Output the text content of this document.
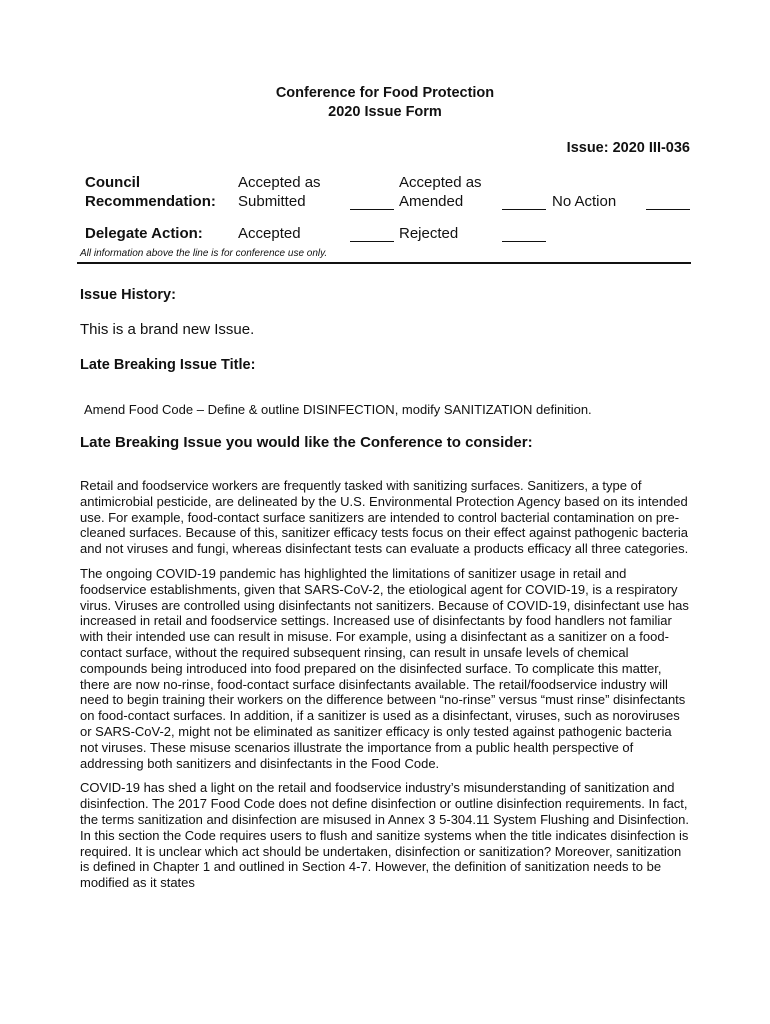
Conference for Food Protection
2020 Issue Form
Issue: 2020 III-036
Council
Recommendation:
Accepted as
Submitted
Accepted as
Amended	No Action
Delegate Action: Accepted	Rejected
All information above the line is for conference use only.
Issue History:
This is a brand new Issue.
Late Breaking Issue Title:
Amend Food Code – Define & outline DISINFECTION, modify SANITIZATION definition.
Late Breaking Issue you would like the Conference to consider:

Retail and foodservice workers are frequently tasked with sanitizing surfaces. Sanitizers, a type of antimicrobial pesticide, are delineated by the U.S. Environmental Protection Agency based on its intended use. For example, food-contact surface sanitizers are intended to control bacterial contamination on pre-cleaned surfaces. Because of this, sanitizer efficacy tests focus on their effect against pathogenic bacteria and not viruses and fungi, whereas disinfectant tests can evaluate a products efficacy all three categories.

The ongoing COVID-19 pandemic has highlighted the limitations of sanitizer usage in retail and foodservice establishments, given that SARS-CoV-2, the etiological agent for COVID-19, is a respiratory virus. Viruses are controlled using disinfectants not sanitizers. Because of COVID-19, disinfectant use has increased in retail and foodservice settings. Increased use of disinfectants by food handlers not familiar with their intended use can result in misuse. For example, using a disinfectant as a sanitizer on a food-contact surface, without the required subsequent rinsing, can result in unsafe levels of chemical compounds being introduced into food prepared on the disinfected surface. To complicate this matter, there are now no-rinse, food-contact surface disinfectants available. The retail/foodservice industry will need to begin training their workers on the difference between “no-rinse” versus “must rinse” disinfectants on food-contact surfaces. In addition, if a sanitizer is used as a disinfectant, viruses, such as noroviruses or SARS-CoV-2, might not be eliminated as sanitizer efficacy is only tested against pathogenic bacteria not viruses. These misuse scenarios illustrate the importance from a public health perspective of addressing both sanitizers and disinfectants in the Food Code.

COVID-19 has shed a light on the retail and foodservice industry’s misunderstanding of sanitization and disinfection. The 2017 Food Code does not define disinfection or outline disinfection requirements. In fact, the terms sanitization and disinfection are misused in Annex 3 5-304.11 System Flushing and Disinfection. In this section the Code requires users to flush and sanitize systems when the title indicates disinfection is required. It is unclear which act should be undertaken, disinfection or sanitization? Moreover, sanitization is defined in Chapter 1 and outlined in Section 4-7. However, the definition of sanitization needs to be modified as it states
